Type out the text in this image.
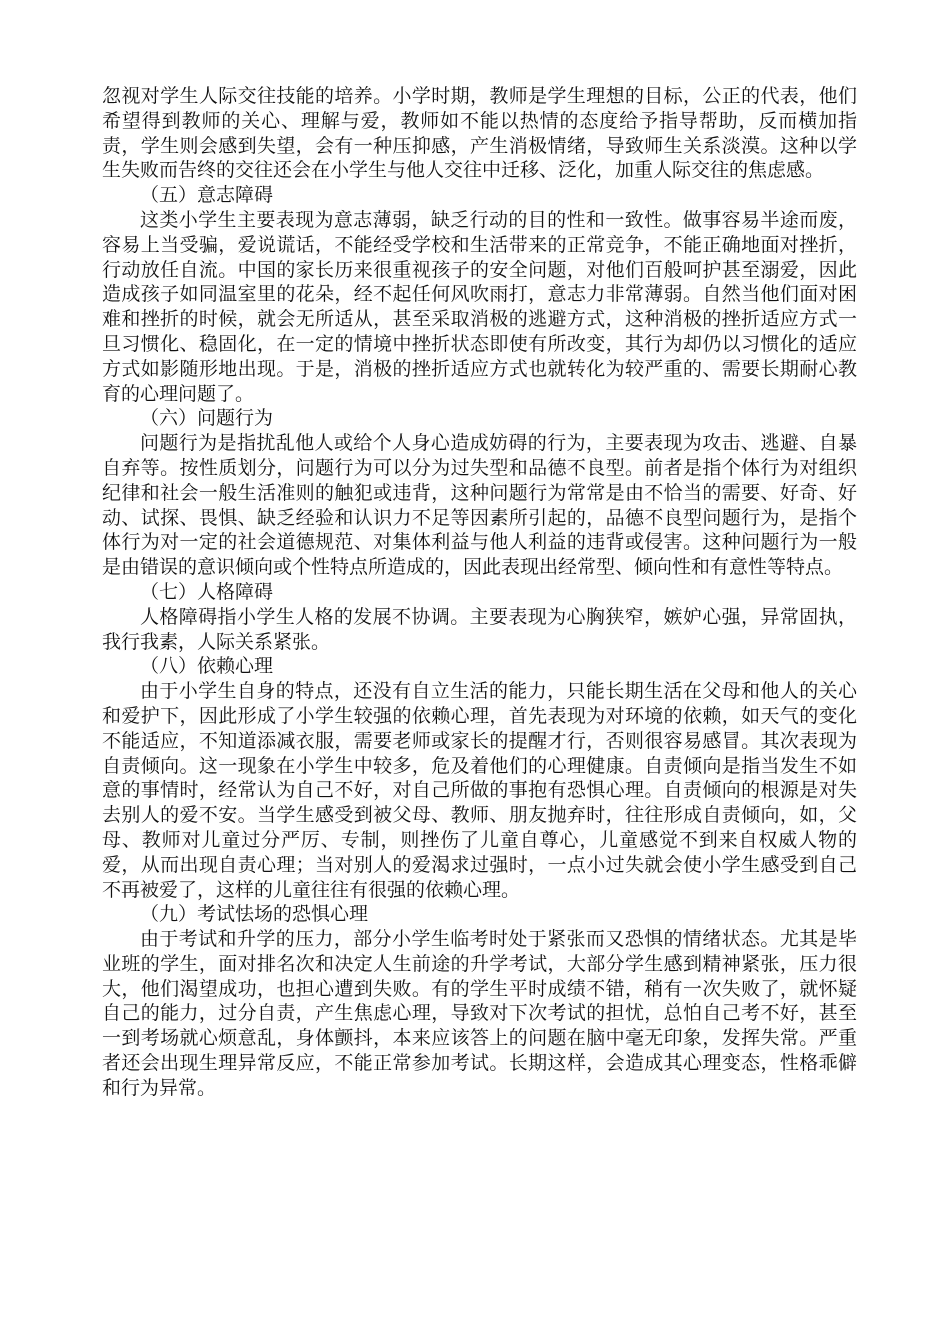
忽视对学生人际交往技能的培养。小学时期，教师是学生理想的目标，公正的代表，他们希望得到教师的关心、理解与爱，教师如不能以热情的态度给予指导帮助，反而横加指责，学生则会感到失望，会有一种压抑感，产生消极情绪，导致师生关系淡漠。这种以学生失败而告终的交往还会在小学生与他人交往中迁移、泛化，加重人际交往的焦虑感。

（五）意志障碍

这类小学生主要表现为意志薄弱，缺乏行动的目的性和一致性。做事容易半途而废，容易上当受骗，爱说谎话，不能经受学校和生活带来的正常竞争，不能正确地面对挫折，行动放任自流。中国的家长历来很重视孩子的安全问题，对他们百般呵护甚至溺爱，因此造成孩子如同温室里的花朵，经不起任何风吹雨打，意志力非常薄弱。自然当他们面对困难和挫折的时候，就会无所适从，甚至采取消极的逃避方式，这种消极的挫折适应方式一旦习惯化、稳固化，在一定的情境中挫折状态即使有所改变，其行为却仍以习惯化的适应方式如影随形地出现。于是，消极的挫折适应方式也就转化为较严重的、需要长期耐心教育的心理问题了。

（六）问题行为

问题行为是指扰乱他人或给个人身心造成妨碍的行为，主要表现为攻击、逃避、自暴自弃等。按性质划分，问题行为可以分为过失型和品德不良型。前者是指个体行为对组织纪律和社会一般生活准则的触犯或违背，这种问题行为常常是由不恰当的需要、好奇、好动、试探、畏惧、缺乏经验和认识力不足等因素所引起的，品德不良型问题行为，是指个体行为对一定的社会道德规范、对集体利益与他人利益的违背或侵害。这种问题行为一般是由错误的意识倾向或个性特点所造成的，因此表现出经常型、倾向性和有意性等特点。

（七）人格障碍

人格障碍指小学生人格的发展不协调。主要表现为心胸狭窄，嫉妒心强，异常固执，我行我素，人际关系紧张。

（八）依赖心理

由于小学生自身的特点，还没有自立生活的能力，只能长期生活在父母和他人的关心和爱护下，因此形成了小学生较强的依赖心理，首先表现为对环境的依赖，如天气的变化不能适应，不知道添减衣服，需要老师或家长的提醒才行，否则很容易感冒。其次表现为自责倾向。这一现象在小学生中较多，危及着他们的心理健康。自责倾向是指当发生不如意的事情时，经常认为自己不好，对自己所做的事抱有恐惧心理。自责倾向的根源是对失去别人的爱不安。当学生感受到被父母、教师、朋友抛弃时，往往形成自责倾向，如，父母、教师对儿童过分严厉、专制，则挫伤了儿童自尊心，儿童感觉不到来自权威人物的爱，从而出现自责心理；当对别人的爱渴求过强时，一点小过失就会使小学生感受到自己不再被爱了，这样的儿童往往有很强的依赖心理。

（九）考试怯场的恐惧心理

由于考试和升学的压力，部分小学生临考时处于紧张而又恐惧的情绪状态。尤其是毕业班的学生，面对排名次和决定人生前途的升学考试，大部分学生感到精神紧张，压力很大，他们渴望成功，也担心遭到失败。有的学生平时成绩不错，稍有一次失败了，就怀疑自己的能力，过分自责，产生焦虑心理，导致对下次考试的担忧，总怕自己考不好，甚至一到考场就心烦意乱，身体颤抖，本来应该答上的问题在脑中毫无印象，发挥失常。严重者还会出现生理异常反应，不能正常参加考试。长期这样，会造成其心理变态，性格乖僻和行为异常。
